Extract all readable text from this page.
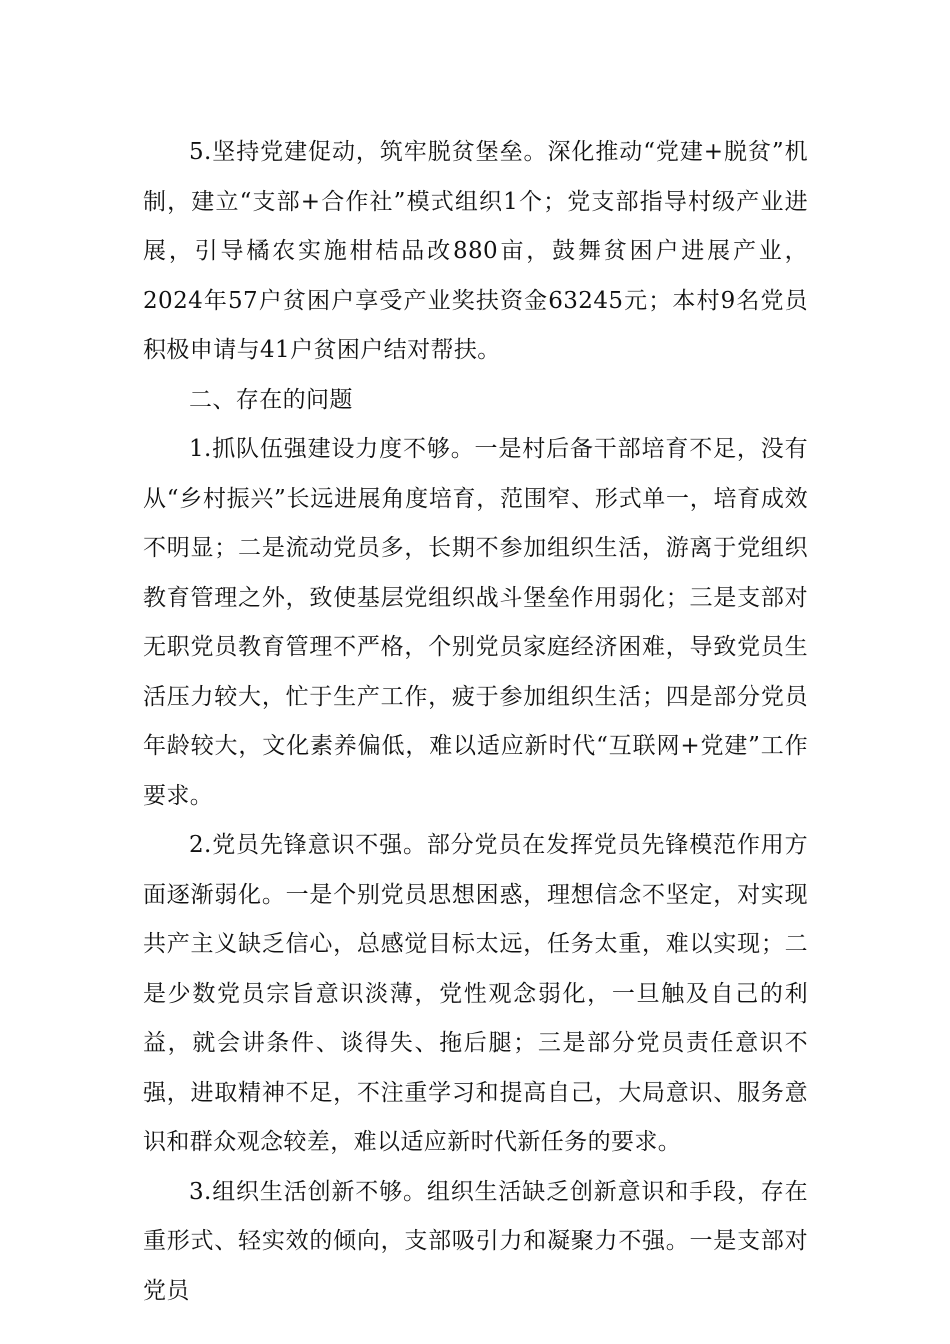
5.坚持党建促动，筑牢脱贫堡垒。深化推动“党建+脱贫”机制，建立“支部+合作社”模式组织1个；党支部指导村级产业进展，引导橘农实施柑桔品改880亩，鼓舞贫困户进展产业，2024年57户贫困户享受产业奖扶资金63245元；本村9名党员积极申请与41户贫困户结对帮扶。

二、存在的问题

1.抓队伍强建设力度不够。一是村后备干部培育不足，没有从“乡村振兴”长远进展角度培育，范围窄、形式单一，培育成效不明显；二是流动党员多，长期不参加组织生活，游离于党组织教育管理之外，致使基层党组织战斗堡垒作用弱化；三是支部对无职党员教育管理不严格，个别党员家庭经济困难，导致党员生活压力较大，忙于生产工作，疲于参加组织生活；四是部分党员年龄较大，文化素养偏低，难以适应新时代“互联网+党建”工作要求。

2.党员先锋意识不强。部分党员在发挥党员先锋模范作用方面逐渐弱化。一是个别党员思想困惑，理想信念不坚定，对实现共产主义缺乏信心，总感觉目标太远，任务太重，难以实现；二是少数党员宗旨意识淡薄，党性观念弱化，一旦触及自己的利益，就会讲条件、谈得失、拖后腿；三是部分党员责任意识不强，进取精神不足，不注重学习和提高自己，大局意识、服务意识和群众观念较差，难以适应新时代新任务的要求。

3.组织生活创新不够。组织生活缺乏创新意识和手段，存在重形式、轻实效的倾向，支部吸引力和凝聚力不强。一是支部对党员
